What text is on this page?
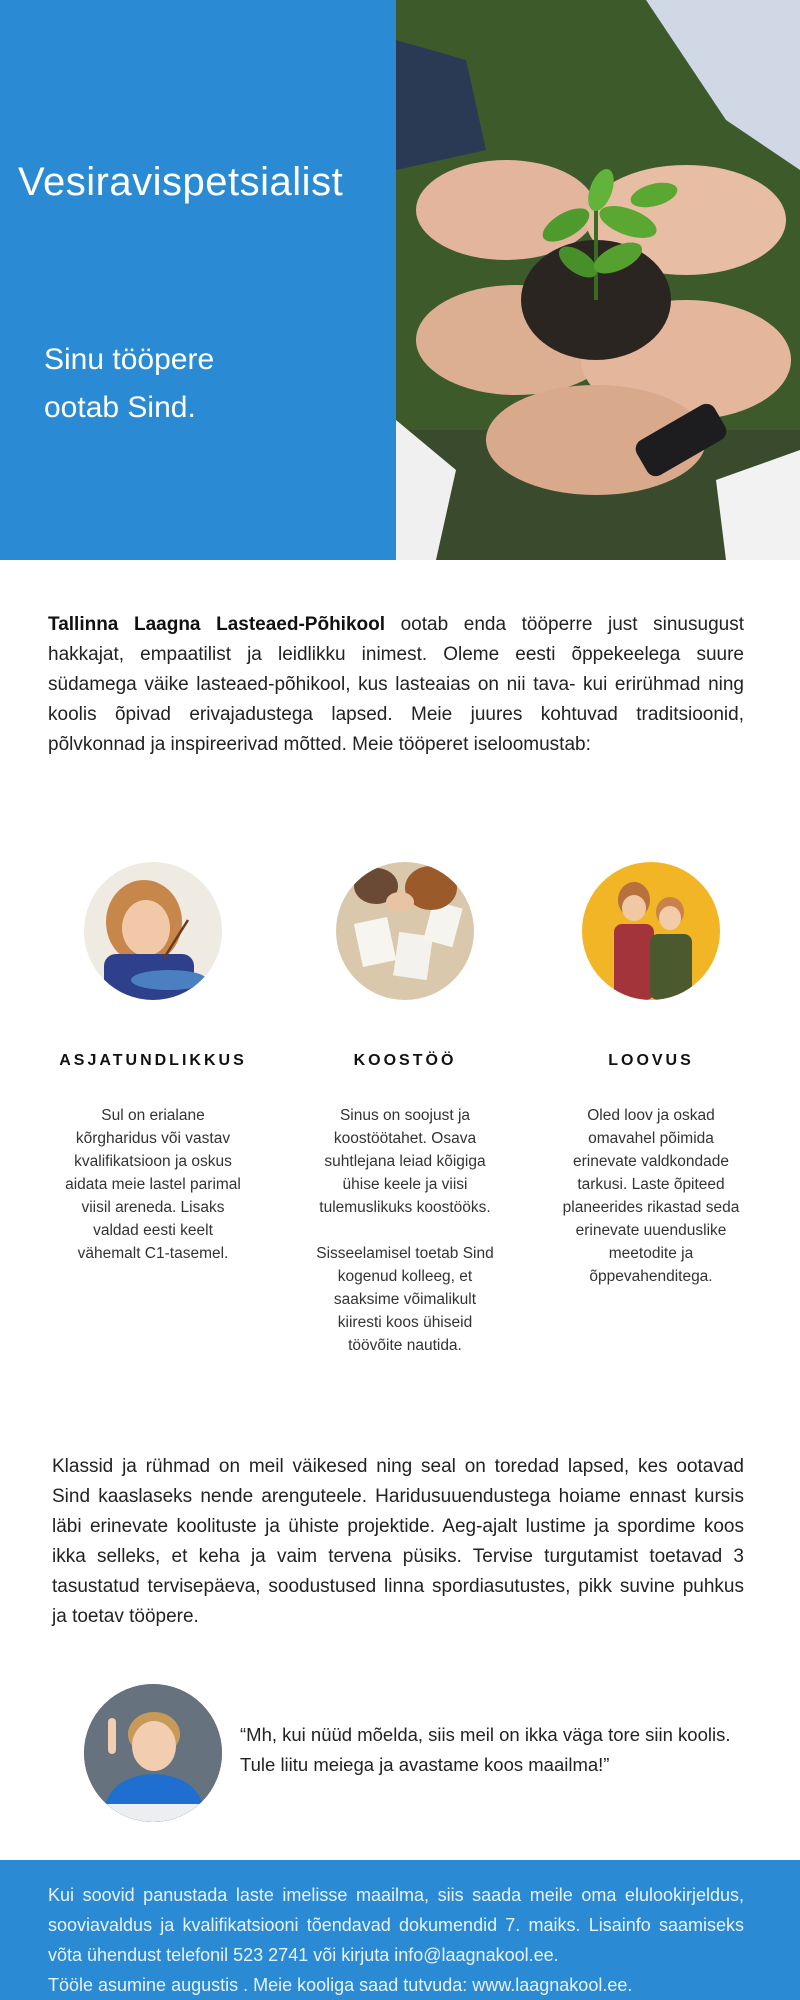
Vesiravispetsialist
Sinu tööpere
ootab Sind.

Tallinna Laagna Lasteaed-Põhikool ootab enda tööperre just sinusugust hakkajat, empaatilist ja leidlikku inimest. Oleme eesti õppekeelega suure südamega väike lasteaed-põhikool, kus lasteaias on nii tava- kui erirühmad ning koolis õpivad erivajadustega lapsed. Meie juures kohtuvad traditsioonid, põlvkonnad ja inspireerivad mõtted. Meie tööperet iseloomustab:

ASJATUNDLIKKUS
Sul on erialane
kõrgharidus või vastav
kvalifikatsioon ja oskus
aidata meie lastel parimal
viisil areneda. Lisaks
valdad eesti keelt
vähemalt C1-tasemel.
KOOSTÖÖ
Sinus on soojust ja
koostöötahet. Osava
suhtlejana leiad kõigiga
ühise keele ja viisi
tulemuslikuks koostööks.

Sisseelamisel toetab Sind
kogenud kolleeg, et
saaksime võimalikult
kiiresti koos ühiseid
töövõite nautida.
LOOVUS
Oled loov ja oskad
omavahel põimida
erinevate valdkondade
tarkusi. Laste õpiteed
planeerides rikastad seda
erinevate uuenduslike
meetodite ja
õppevahenditega.

Klassid ja rühmad on meil väikesed ning seal on toredad lapsed, kes ootavad Sind kaaslaseks nende arenguteele. Haridusuuendustega hoiame ennast kursis läbi erinevate koolituste ja ühiste projektide. Aeg-ajalt lustime ja spordime koos ikka selleks, et keha ja vaim tervena püsiks. Tervise turgutamist toetavad 3 tasustatud tervisepäeva, soodustused linna spordiasutustes, pikk suvine puhkus ja toetav tööpere.

“Mh, kui nüüd mõelda, siis meil on ikka väga tore siin koolis. Tule liitu meiega ja avastame koos maailma!”

Kui soovid panustada laste imelisse maailma, siis saada meile oma elulookirjeldus, sooviavaldus ja kvalifikatsiooni tõendavad dokumendid 7. maiks. Lisainfo saamiseks võta ühendust telefonil 523 2741 või kirjuta info@laagnakool.ee.

Tööle asumine augustis . Meie kooliga saad tutvuda: www.laagnakool.ee.
